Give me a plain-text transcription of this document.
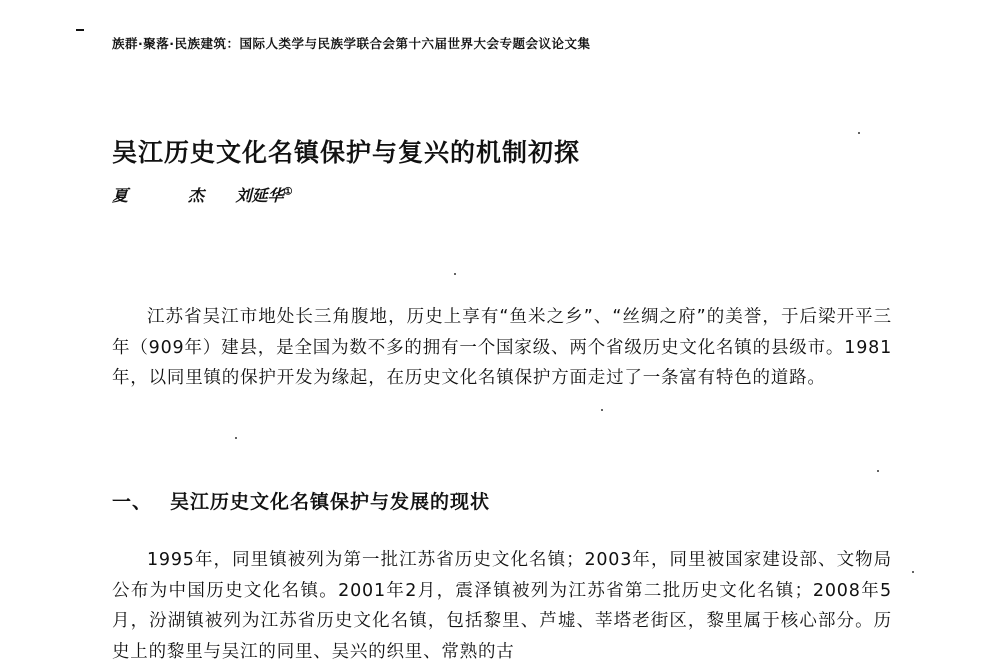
族群·聚落·民族建筑：国际人类学与民族学联合会第十六届世界大会专题会议论文集
吴江历史文化名镇保护与复兴的机制初探
夏　杰 刘延华①

江苏省吴江市地处长三角腹地，历史上享有“鱼米之乡”、“丝绸之府”的美誉，于后梁开平三年（909年）建县，是全国为数不多的拥有一个国家级、两个省级历史文化名镇的县级市。1981年，以同里镇的保护开发为缘起，在历史文化名镇保护方面走过了一条富有特色的道路。

一、 吴江历史文化名镇保护与发展的现状

1995年，同里镇被列为第一批江苏省历史文化名镇；2003年，同里被国家建设部、文物局公布为中国历史文化名镇。2001年2月，震泽镇被列为江苏省第二批历史文化名镇；2008年5月，汾湖镇被列为江苏省历史文化名镇，包括黎里、芦墟、莘塔老街区，黎里属于核心部分。历史上的黎里与吴江的同里、吴兴的织里、常熟的古
